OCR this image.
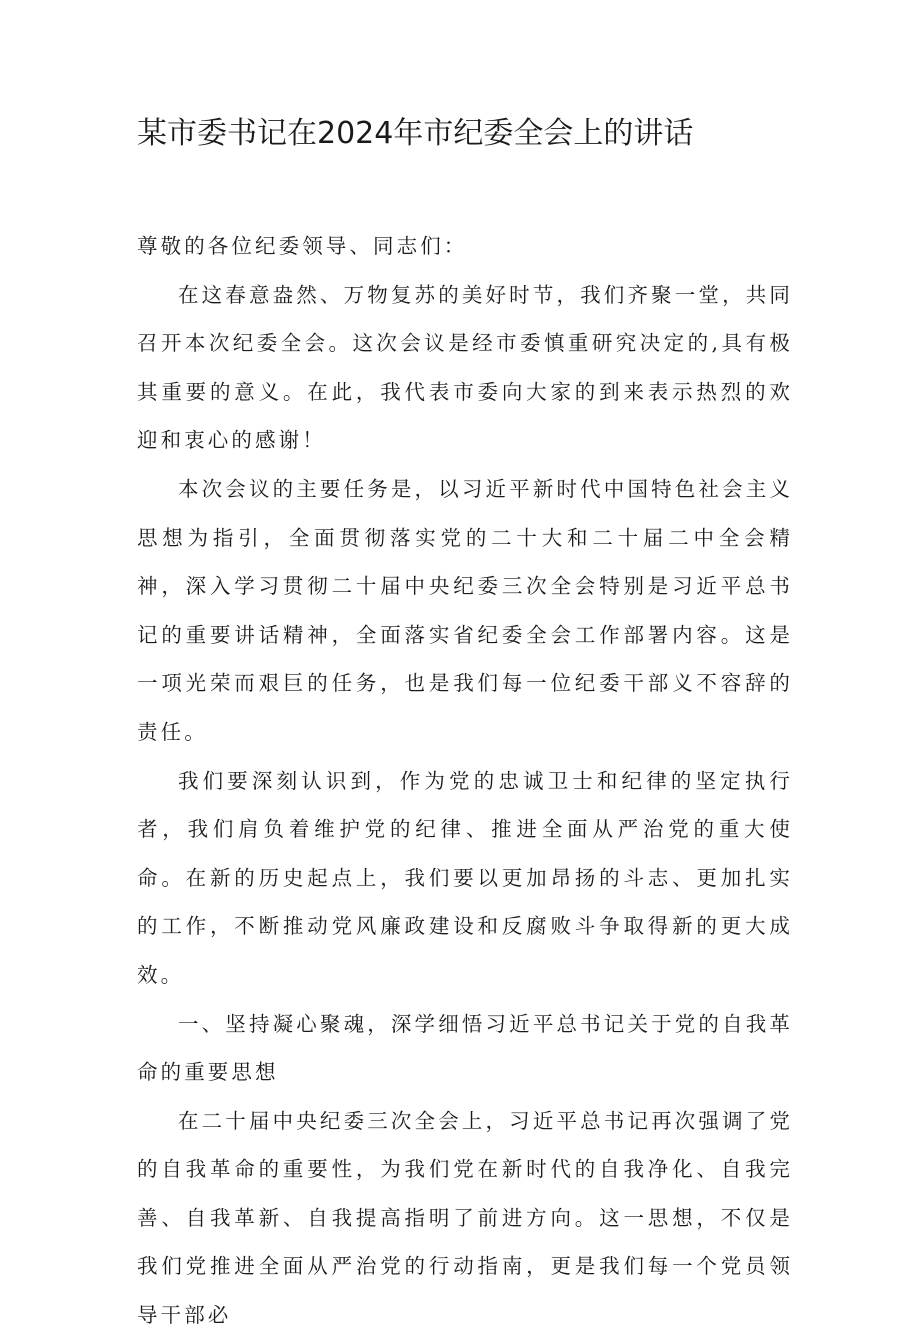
某市委书记在2024年市纪委全会上的讲话

尊敬的各位纪委领导、同志们：

在这春意盎然、万物复苏的美好时节，我们齐聚一堂，共同召开本次纪委全会。这次会议是经市委慎重研究决定的,具有极其重要的意义。在此，我代表市委向大家的到来表示热烈的欢迎和衷心的感谢！

本次会议的主要任务是，以习近平新时代中国特色社会主义思想为指引，全面贯彻落实党的二十大和二十届二中全会精神，深入学习贯彻二十届中央纪委三次全会特别是习近平总书记的重要讲话精神，全面落实省纪委全会工作部署内容。这是一项光荣而艰巨的任务，也是我们每一位纪委干部义不容辞的责任。

我们要深刻认识到，作为党的忠诚卫士和纪律的坚定执行者，我们肩负着维护党的纪律、推进全面从严治党的重大使命。在新的历史起点上，我们要以更加昂扬的斗志、更加扎实的工作，不断推动党风廉政建设和反腐败斗争取得新的更大成效。

一、坚持凝心聚魂，深学细悟习近平总书记关于党的自我革命的重要思想

在二十届中央纪委三次全会上，习近平总书记再次强调了党的自我革命的重要性，为我们党在新时代的自我净化、自我完善、自我革新、自我提高指明了前进方向。这一思想，不仅是我们党推进全面从严治党的行动指南，更是我们每一个党员领导干部必
